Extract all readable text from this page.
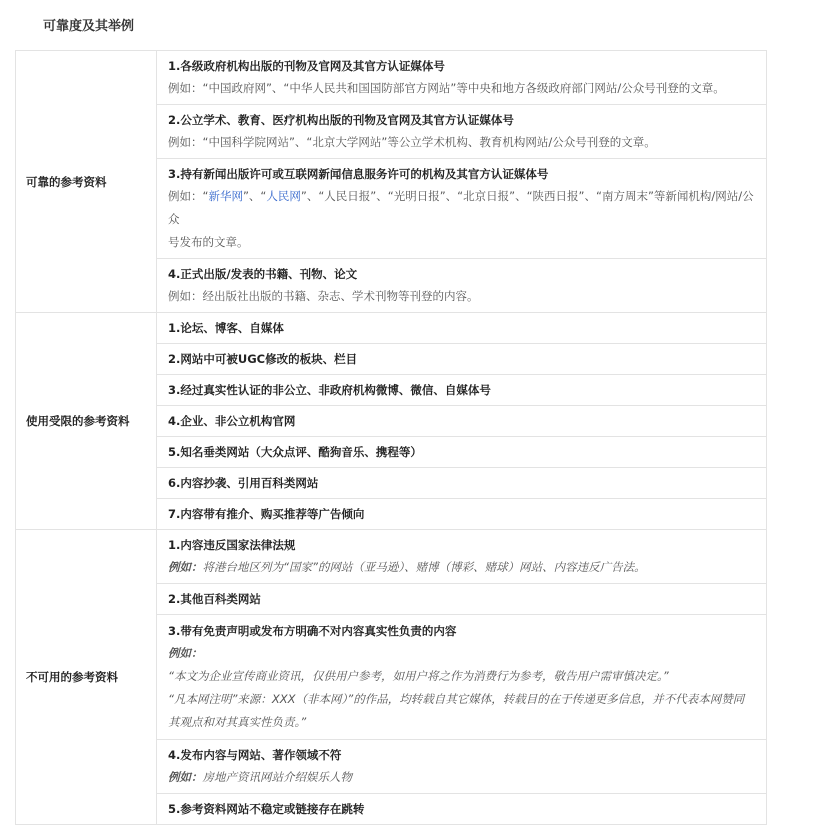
可靠度及其举例
可靠的参考资料	1.各级政府机构出版的刊物及官网及其官方认证媒体号
例如：“中国政府网”、“中华人民共和国国防部官方网站”等中央和地方各级政府部门网站/公众号刊登的文章。

	2.公立学术、教育、医疗机构出版的刊物及官网及其官方认证媒体号
例如：“中国科学院网站”、“北京大学网站”等公立学术机构、教育机构网站/公众号刊登的文章。

	3.持有新闻出版许可或互联网新闻信息服务许可的机构及其官方认证媒体号
例如：“新华网”、“人民网”、“人民日报”、“光明日报”、“北京日报”、“陕西日报”、“南方周末”等新闻机构/网站/公众
号发布的文章。

	4.正式出版/发表的书籍、刊物、论文
例如：经出版社出版的书籍、杂志、学术刊物等刊登的内容。

使用受限的参考资料	1.论坛、博客、自媒体

	2.网站中可被UGC修改的板块、栏目

	3.经过真实性认证的非公立、非政府机构微博、微信、自媒体号

	4.企业、非公立机构官网

	5.知名垂类网站（大众点评、酷狗音乐、携程等）

	6.内容抄袭、引用百科类网站

	7.内容带有推介、购买推荐等广告倾向

不可用的参考资料	1.内容违反国家法律法规
例如：将港台地区列为“国家”的网站（亚马逊）、赌博（博彩、赌球）网站、内容违反广告法。

	2.其他百科类网站

	3.带有免责声明或发布方明确不对内容真实性负责的内容
例如：
“本文为企业宣传商业资讯，仅供用户参考，如用户将之作为消费行为参考，敬告用户需审慎决定。”
“凡本网注明”来源：XXX（非本网）”的作品，均转载自其它媒体，转载目的在于传递更多信息，并不代表本网赞同
其观点和对其真实性负责。”

	4.发布内容与网站、著作领域不符
例如：房地产资讯网站介绍娱乐人物

	5.参考资料网站不稳定或链接存在跳转
